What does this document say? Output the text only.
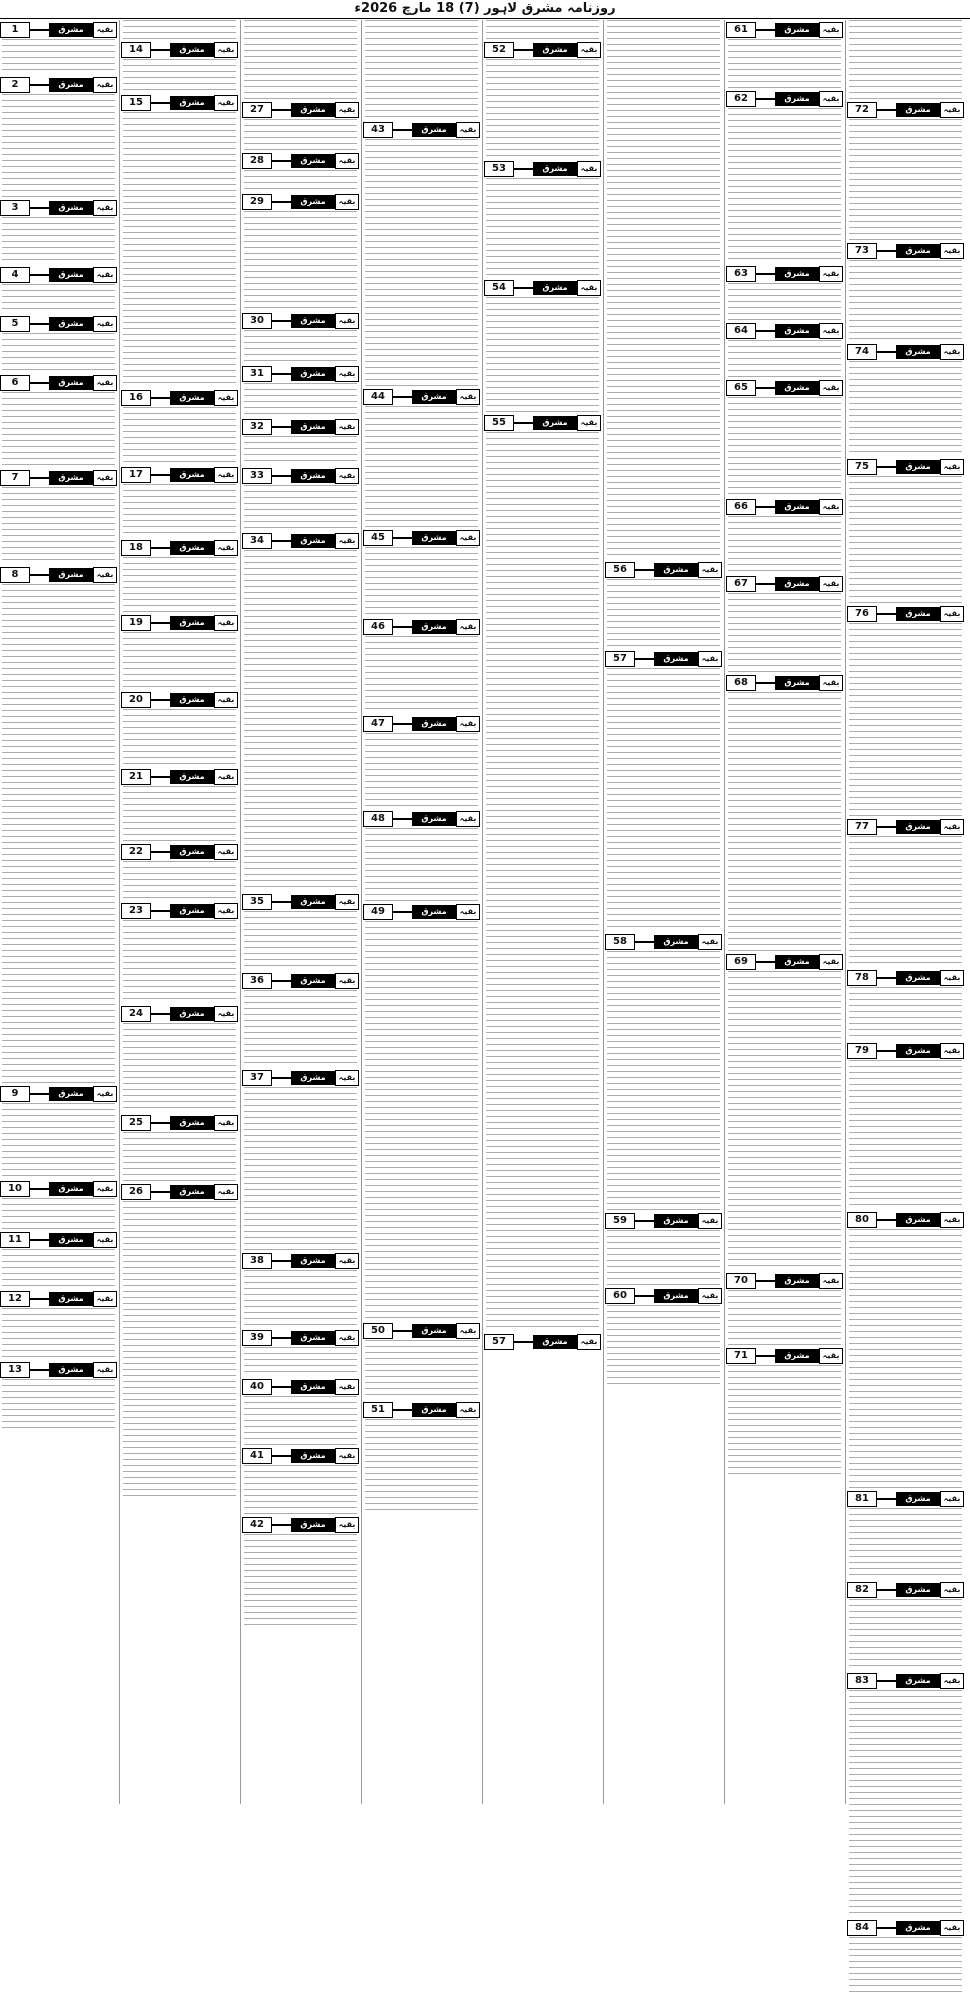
روزنامہ مشرق لاہور (7) 18 مارچ 2026ء
1	مشرق	بقیہ
2	مشرق	بقیہ
3	مشرق	بقیہ
4	مشرق	بقیہ
5	مشرق	بقیہ
6	مشرق	بقیہ
7	مشرق	بقیہ
8	مشرق	بقیہ
9	مشرق	بقیہ
10	مشرق	بقیہ
11	مشرق	بقیہ
12	مشرق	بقیہ
13	مشرق	بقیہ
14	مشرق	بقیہ
15	مشرق	بقیہ
16	مشرق	بقیہ
17	مشرق	بقیہ
18	مشرق	بقیہ
19	مشرق	بقیہ
20	مشرق	بقیہ
21	مشرق	بقیہ
22	مشرق	بقیہ
23	مشرق	بقیہ
24	مشرق	بقیہ
25	مشرق	بقیہ
26	مشرق	بقیہ
27	مشرق	بقیہ
28	مشرق	بقیہ
29	مشرق	بقیہ
30	مشرق	بقیہ
31	مشرق	بقیہ
32	مشرق	بقیہ
33	مشرق	بقیہ
34	مشرق	بقیہ
35	مشرق	بقیہ
36	مشرق	بقیہ
37	مشرق	بقیہ
38	مشرق	بقیہ
39	مشرق	بقیہ
40	مشرق	بقیہ
41	مشرق	بقیہ
42	مشرق	بقیہ
43	مشرق	بقیہ
44	مشرق	بقیہ
45	مشرق	بقیہ
46	مشرق	بقیہ
47	مشرق	بقیہ
48	مشرق	بقیہ
49	مشرق	بقیہ
50	مشرق	بقیہ
51	مشرق	بقیہ
52	مشرق	بقیہ
53	مشرق	بقیہ
54	مشرق	بقیہ
55	مشرق	بقیہ
57	مشرق	بقیہ
56	مشرق	بقیہ
57	مشرق	بقیہ
58	مشرق	بقیہ
59	مشرق	بقیہ
60	مشرق	بقیہ
61	مشرق	بقیہ
62	مشرق	بقیہ
63	مشرق	بقیہ
64	مشرق	بقیہ
65	مشرق	بقیہ
66	مشرق	بقیہ
67	مشرق	بقیہ
68	مشرق	بقیہ
69	مشرق	بقیہ
70	مشرق	بقیہ
71	مشرق	بقیہ
72	مشرق	بقیہ
73	مشرق	بقیہ
74	مشرق	بقیہ
75	مشرق	بقیہ
76	مشرق	بقیہ
77	مشرق	بقیہ
78	مشرق	بقیہ
79	مشرق	بقیہ
80	مشرق	بقیہ
81	مشرق	بقیہ
82	مشرق	بقیہ
83	مشرق	بقیہ
84	مشرق	بقیہ
